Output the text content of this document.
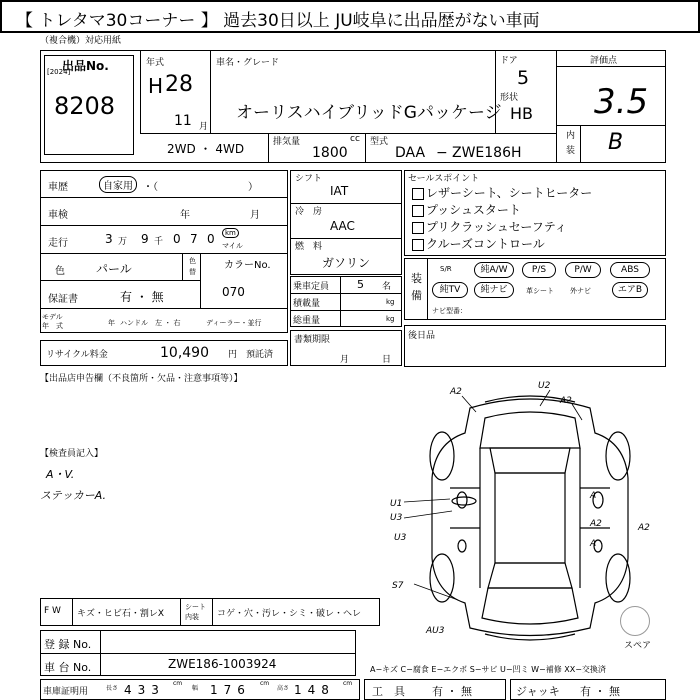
【 トレタマ30コーナー 】 過去30日以上 JU岐阜に出品歴がない車両
（複合機）対応用紙
出品No.
[2024]
8208
年式
H 28
11 月
車名・グレード
オーリスハイブリッドGパッケージ
ドア
5
形状
HB
評価点
3.5
内
装 B
2WD ・ 4WD	排気量	cc
1800
型式
DAA − ZWE186H
車歴	自家用	・（　　　　　　　　　）
車検	年	月
走行	3 万 9 千 0 7 0	km
マイル
色	パール
色
替
カラーNo.
070
保証書	有 ・ 無
モデル
年　式	年 ハンドル 左 ・ 右	ディーラー・並行
リサイクル料金	10,490 円 預託済
シフト
IAT
冷　房
AAC
燃　料
ガソリン
乗車定員	5 名
積載量	kg
総重量	kg
書類期限
月	日
セールスポイント
レザーシート、シートヒーター
プッシュスタート
プリクラッシュセーフティ
クルーズコントロール
装
備
S/R	純A/W	P/S	P/W	ABS
純TV	純ナビ	革シート 外ナビ	エアB
ナビ型番：
後日品
【出品店申告欄（不良箇所・欠品・注意事項等）】
【検査員記入】
A・V.
ステッカーA.
A2
U2
A2
U1
A
U3
A2	A2
A
U3
S7
AU3
スペア
F W キズ・ヒビ石・割レX
シート
内装 コゲ・穴・汚レ・シミ・破レ・ヘレ
登 録 No.
車 台 No.	ZWE186-1003924	A−キズ C−腐食 E−エクボ S−サビ U−凹ミ W−補修 XX−交換済
車庫証明用	長さ 433 cm
幅 176 cm
高さ 148 cm
工　具 有 ・ 無	ジャッキ 有 ・ 無
